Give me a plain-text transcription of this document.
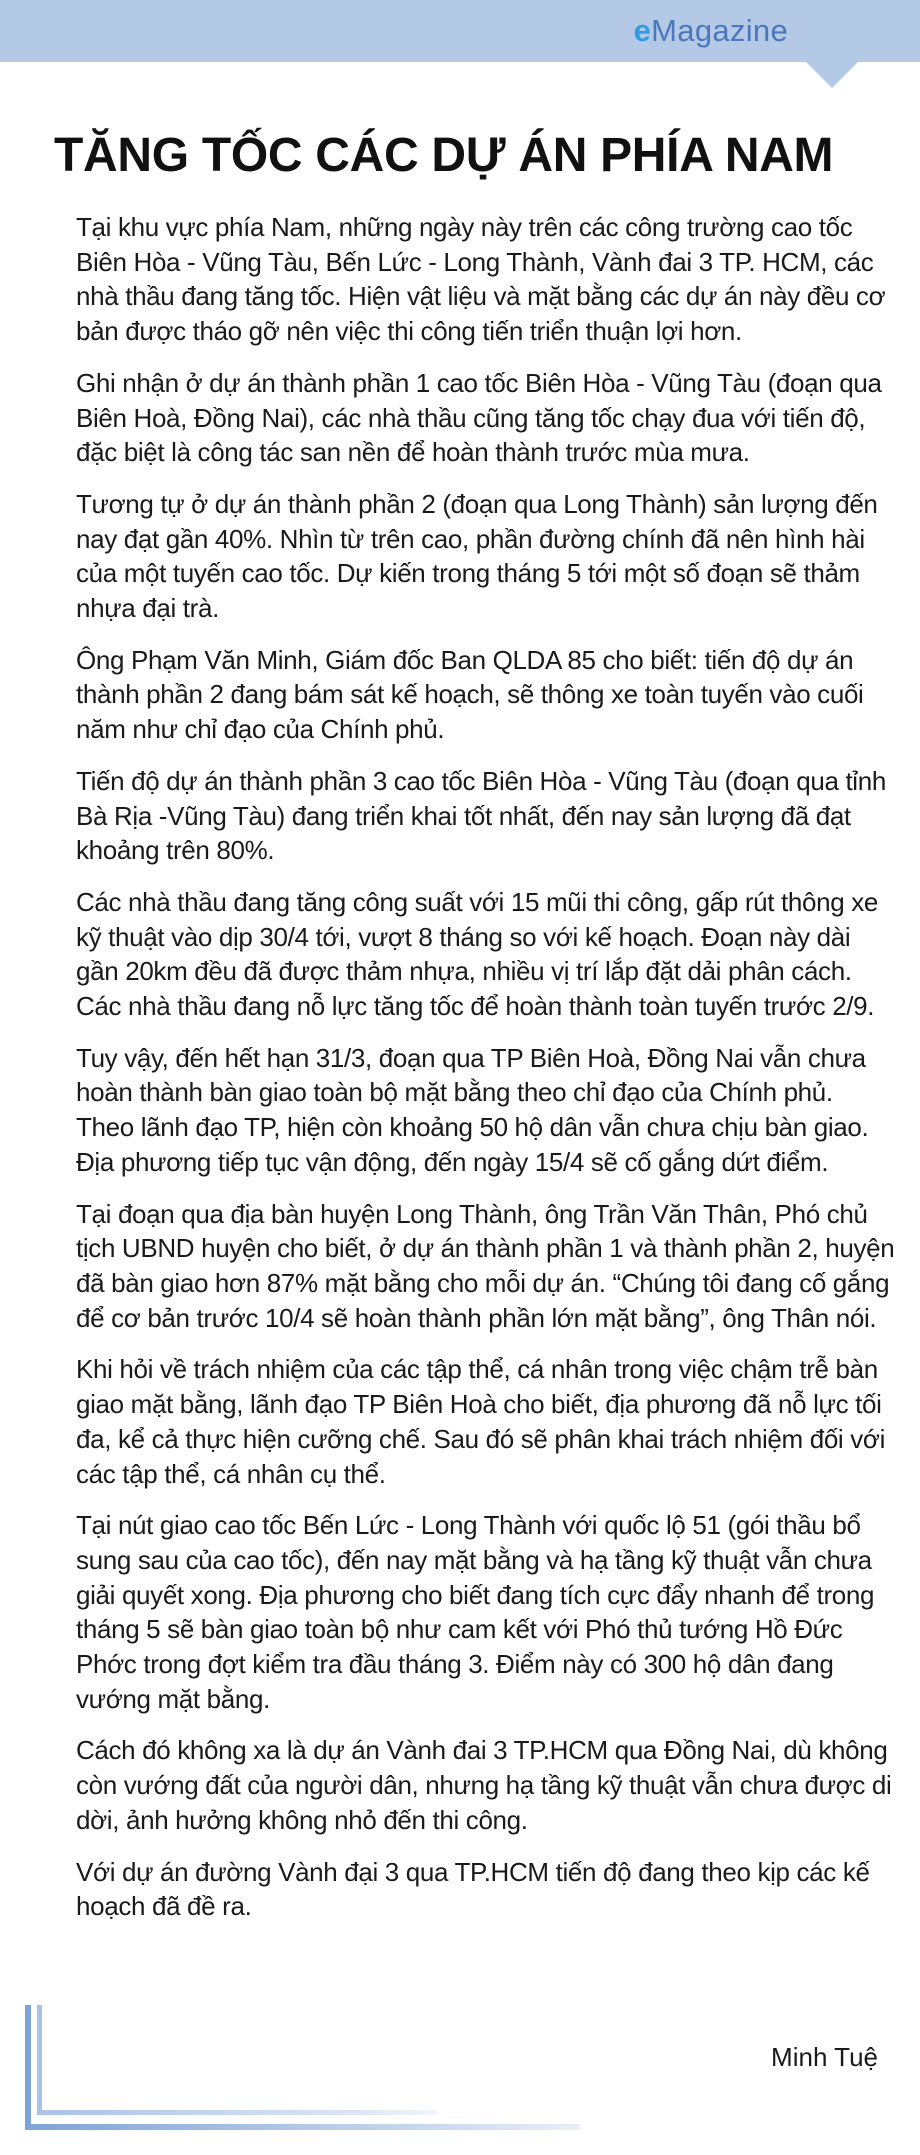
eMagazine
TĂNG TỐC CÁC DỰ ÁN PHÍA NAM

Tại khu vực phía Nam, những ngày này trên các công trường cao tốc Biên Hòa - Vũng Tàu, Bến Lức - Long Thành, Vành đai 3 TP. HCM, các nhà thầu đang tăng tốc. Hiện vật liệu và mặt bằng các dự án này đều cơ bản được tháo gỡ nên việc thi công tiến triển thuận lợi hơn.

Ghi nhận ở dự án thành phần 1 cao tốc Biên Hòa - Vũng Tàu (đoạn qua Biên Hoà, Đồng Nai), các nhà thầu cũng tăng tốc chạy đua với tiến độ, đặc biệt là công tác san nền để hoàn thành trước mùa mưa.

Tương tự ở dự án thành phần 2 (đoạn qua Long Thành) sản lượng đến nay đạt gần 40%. Nhìn từ trên cao, phần đường chính đã nên hình hài của một tuyến cao tốc. Dự kiến trong tháng 5 tới một số đoạn sẽ thảm nhựa đại trà.

Ông Phạm Văn Minh, Giám đốc Ban QLDA 85 cho biết: tiến độ dự án thành phần 2 đang bám sát kế hoạch, sẽ thông xe toàn tuyến vào cuối năm như chỉ đạo của Chính phủ.

Tiến độ dự án thành phần 3 cao tốc Biên Hòa - Vũng Tàu (đoạn qua tỉnh Bà Rịa -Vũng Tàu) đang triển khai tốt nhất, đến nay sản lượng đã đạt khoảng trên 80%.

Các nhà thầu đang tăng công suất với 15 mũi thi công, gấp rút thông xe kỹ thuật vào dịp 30/4 tới, vượt 8 tháng so với kế hoạch. Đoạn này dài gần 20km đều đã được thảm nhựa, nhiều vị trí lắp đặt dải phân cách. Các nhà thầu đang nỗ lực tăng tốc để hoàn thành toàn tuyến trước 2/9.

Tuy vậy, đến hết hạn 31/3, đoạn qua TP Biên Hoà, Đồng Nai vẫn chưa hoàn thành bàn giao toàn bộ mặt bằng theo chỉ đạo của Chính phủ. Theo lãnh đạo TP, hiện còn khoảng 50 hộ dân vẫn chưa chịu bàn giao. Địa phương tiếp tục vận động, đến ngày 15/4 sẽ cố gắng dứt điểm.

Tại đoạn qua địa bàn huyện Long Thành, ông Trần Văn Thân, Phó chủ tịch UBND huyện cho biết, ở dự án thành phần 1 và thành phần 2, huyện đã bàn giao hơn 87% mặt bằng cho mỗi dự án. “Chúng tôi đang cố gắng để cơ bản trước 10/4 sẽ hoàn thành phần lớn mặt bằng”, ông Thân nói.

Khi hỏi về trách nhiệm của các tập thể, cá nhân trong việc chậm trễ bàn giao mặt bằng, lãnh đạo TP Biên Hoà cho biết, địa phương đã nỗ lực tối đa, kể cả thực hiện cưỡng chế. Sau đó sẽ phân khai trách nhiệm đối với các tập thể, cá nhân cụ thể.

Tại nút giao cao tốc Bến Lức - Long Thành với quốc lộ 51 (gói thầu bổ sung sau của cao tốc), đến nay mặt bằng và hạ tầng kỹ thuật vẫn chưa giải quyết xong. Địa phương cho biết đang tích cực đẩy nhanh để trong tháng 5 sẽ bàn giao toàn bộ như cam kết với Phó thủ tướng Hồ Đức Phớc trong đợt kiểm tra đầu tháng 3. Điểm này có 300 hộ dân đang vướng mặt bằng.

Cách đó không xa là dự án Vành đai 3 TP.HCM qua Đồng Nai, dù không còn vướng đất của người dân, nhưng hạ tầng kỹ thuật vẫn chưa được di dời, ảnh hưởng không nhỏ đến thi công.

Với dự án đường Vành đại 3 qua TP.HCM tiến độ đang theo kịp các kế hoạch đã đề ra.

Minh Tuệ
